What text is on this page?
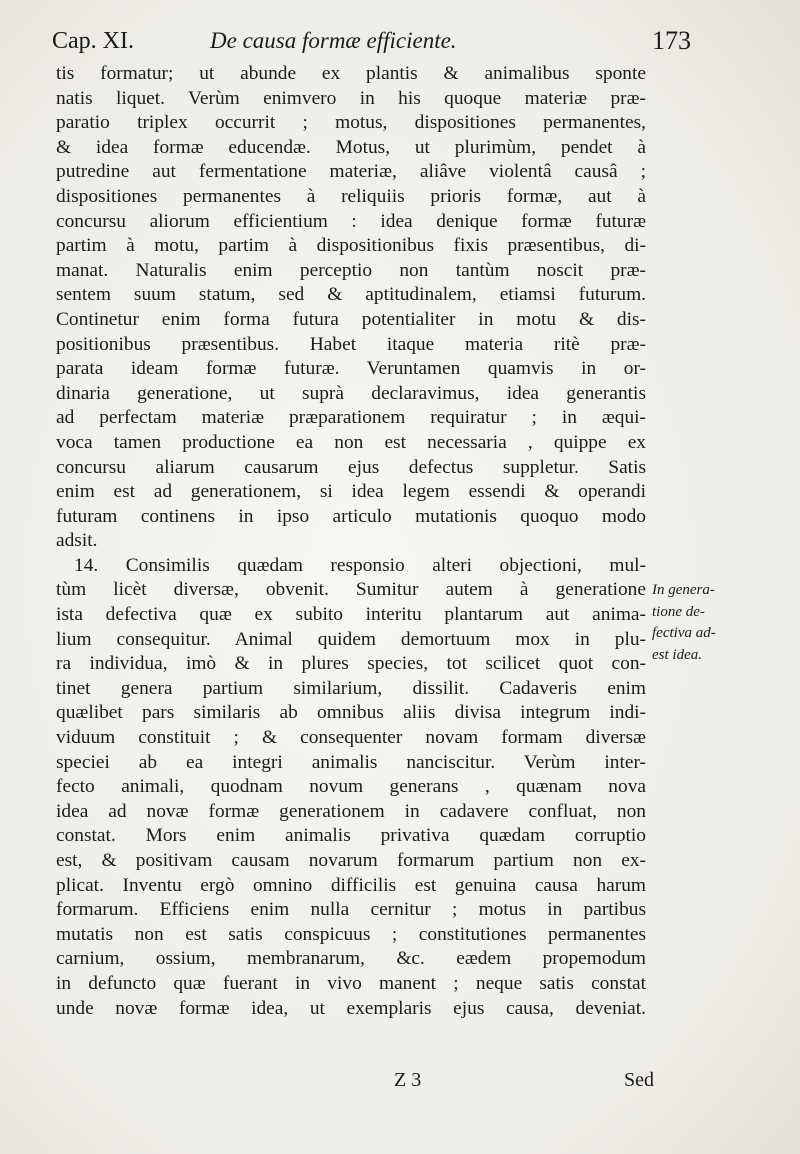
Cap. XI.	De causa formæ efficiente.	173
tis formatur; ut abunde ex plantis & animalibus sponte
natis liquet. Verùm enimvero in his quoque materiæ præ-
paratio triplex occurrit ; motus, dispositiones permanentes,
& idea formæ educendæ. Motus, ut plurimùm, pendet à
putredine aut fermentatione materiæ, aliâve violentâ causâ ;
dispositiones permanentes à reliquiis prioris formæ, aut à
concursu aliorum efficientium : idea denique formæ futuræ
partim à motu, partim à dispositionibus fixis præsentibus, di-
manat. Naturalis enim perceptio non tantùm noscit præ-
sentem suum statum, sed & aptitudinalem, etiamsi futurum.
Continetur enim forma futura potentialiter in motu & dis-
positionibus præsentibus. Habet itaque materia ritè præ-
parata ideam formæ futuræ. Veruntamen quamvis in or-
dinaria generatione, ut suprà declaravimus, idea generantis
ad perfectam materiæ præparationem requiratur ; in æqui-
voca tamen productione ea non est necessaria , quippe ex
concursu aliarum causarum ejus defectus suppletur. Satis
enim est ad generationem, si idea legem essendi & operandi
futuram continens in ipso articulo mutationis quoquo modo
adsit.
14. Consimilis quædam responsio alteri objectioni, mul-
tùm licèt diversæ, obvenit. Sumitur autem à generatione
ista defectiva quæ ex subito interitu plantarum aut anima-
lium consequitur. Animal quidem demortuum mox in plu-
ra individua, imò & in plures species, tot scilicet quot con-
tinet genera partium similarium, dissilit. Cadaveris enim
quælibet pars similaris ab omnibus aliis divisa integrum indi-
viduum constituit ; & consequenter novam formam diversæ
speciei ab ea integri animalis nanciscitur. Verùm inter-
fecto animali, quodnam novum generans , quænam nova
idea ad novæ formæ generationem in cadavere confluat, non
constat. Mors enim animalis privativa quædam corruptio
est, & positivam causam novarum formarum partium non ex-
plicat. Inventu ergò omnino difficilis est genuina causa harum
formarum. Efficiens enim nulla cernitur ; motus in partibus
mutatis non est satis conspicuus ; constitutiones permanentes
carnium, ossium, membranarum, &c. eædem propemodum
in defuncto quæ fuerant in vivo manent ; neque satis constat
unde novæ formæ idea, ut exemplaris ejus causa, deveniat.
In genera-
tione de-
fectiva ad-
est idea.
Z 3	Sed
